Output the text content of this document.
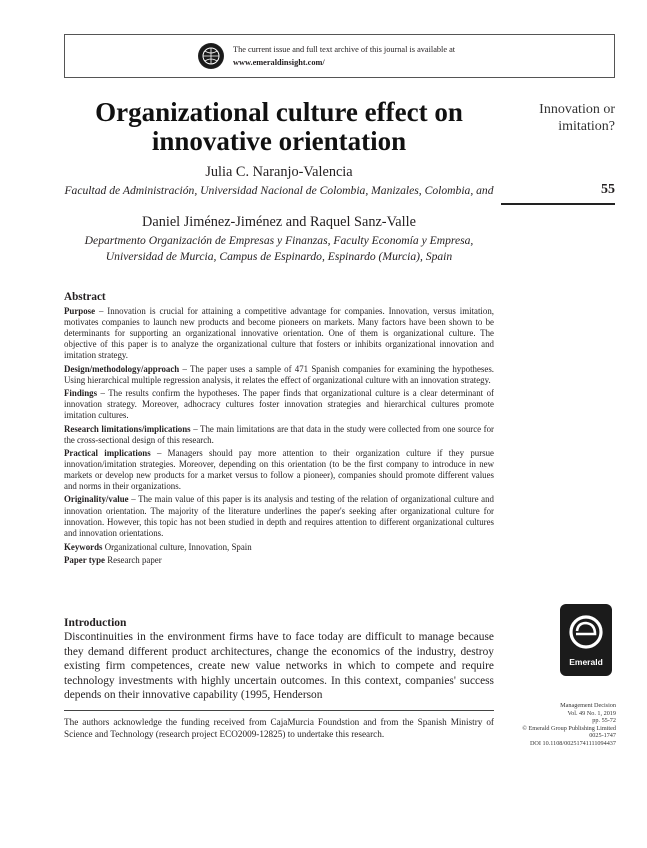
The current issue and full text archive of this journal is available at
www.emeraldinsight.com/
Organizational culture effect on innovative orientation
Innovation or imitation?
55
Julia C. Naranjo-Valencia
Facultad de Administración, Universidad Nacional de Colombia, Manizales, Colombia, and
Daniel Jiménez-Jiménez and Raquel Sanz-Valle
Departmento Organización de Empresas y Finanzas, Faculty Economía y Empresa, Universidad de Murcia, Campus de Espinardo, Espinardo (Murcia), Spain
Abstract

Purpose – Innovation is crucial for attaining a competitive advantage for companies. Innovation, versus imitation, motivates companies to launch new products and become pioneers on markets. Many factors have been shown to be determinants for supporting an organizational innovative orientation. One of them is organizational culture. The objective of this paper is to analyze the organizational culture that fosters or inhibits organizational innovation and imitation strategy.

Design/methodology/approach – The paper uses a sample of 471 Spanish companies for examining the hypotheses. Using hierarchical multiple regression analysis, it relates the effect of organizational culture with an innovation strategy.

Findings – The results confirm the hypotheses. The paper finds that organizational culture is a clear determinant of innovation strategy. Moreover, adhocracy cultures foster innovation strategies and hierarchical cultures promote imitation cultures.

Research limitations/implications – The main limitations are that data in the study were collected from one source for the cross-sectional design of this research.

Practical implications – Managers should pay more attention to their organization culture if they pursue innovation/imitation strategies. Moreover, depending on this orientation (to be the first company to introduce in new markets or develop new products for a market versus to follow a pioneer), companies should promote different values and norms in their organizations.

Originality/value – The main value of this paper is its analysis and testing of the relation of organizational culture and innovation orientation. The majority of the literature underlines the paper's seeking after organizational culture for innovation. However, this topic has not been studied in depth and requires attention to different organizational cultures and innovation orientations.

Keywords Organizational culture, Innovation, Spain

Paper type Research paper

Introduction
Discontinuities in the environment firms have to face today are difficult to manage because they demand different product architectures, change the economics of the industry, destroy existing firm competences, create new value networks in which to compete and require technology investments with highly uncertain outcomes. In this context, companies' success depends on their innovative capability (1995, Henderson
The authors acknowledge the funding received from CajaMurcia Foundstion and from the Spanish Ministry of Science and Technology (research project ECO2009-12825) to undertake this research.
Emerald
Management Decision
Vol. 49 No. 1, 2019
pp. 55-72
© Emerald Group Publishing Limited
0025-1747
DOI 10.1108/00251741111094437
